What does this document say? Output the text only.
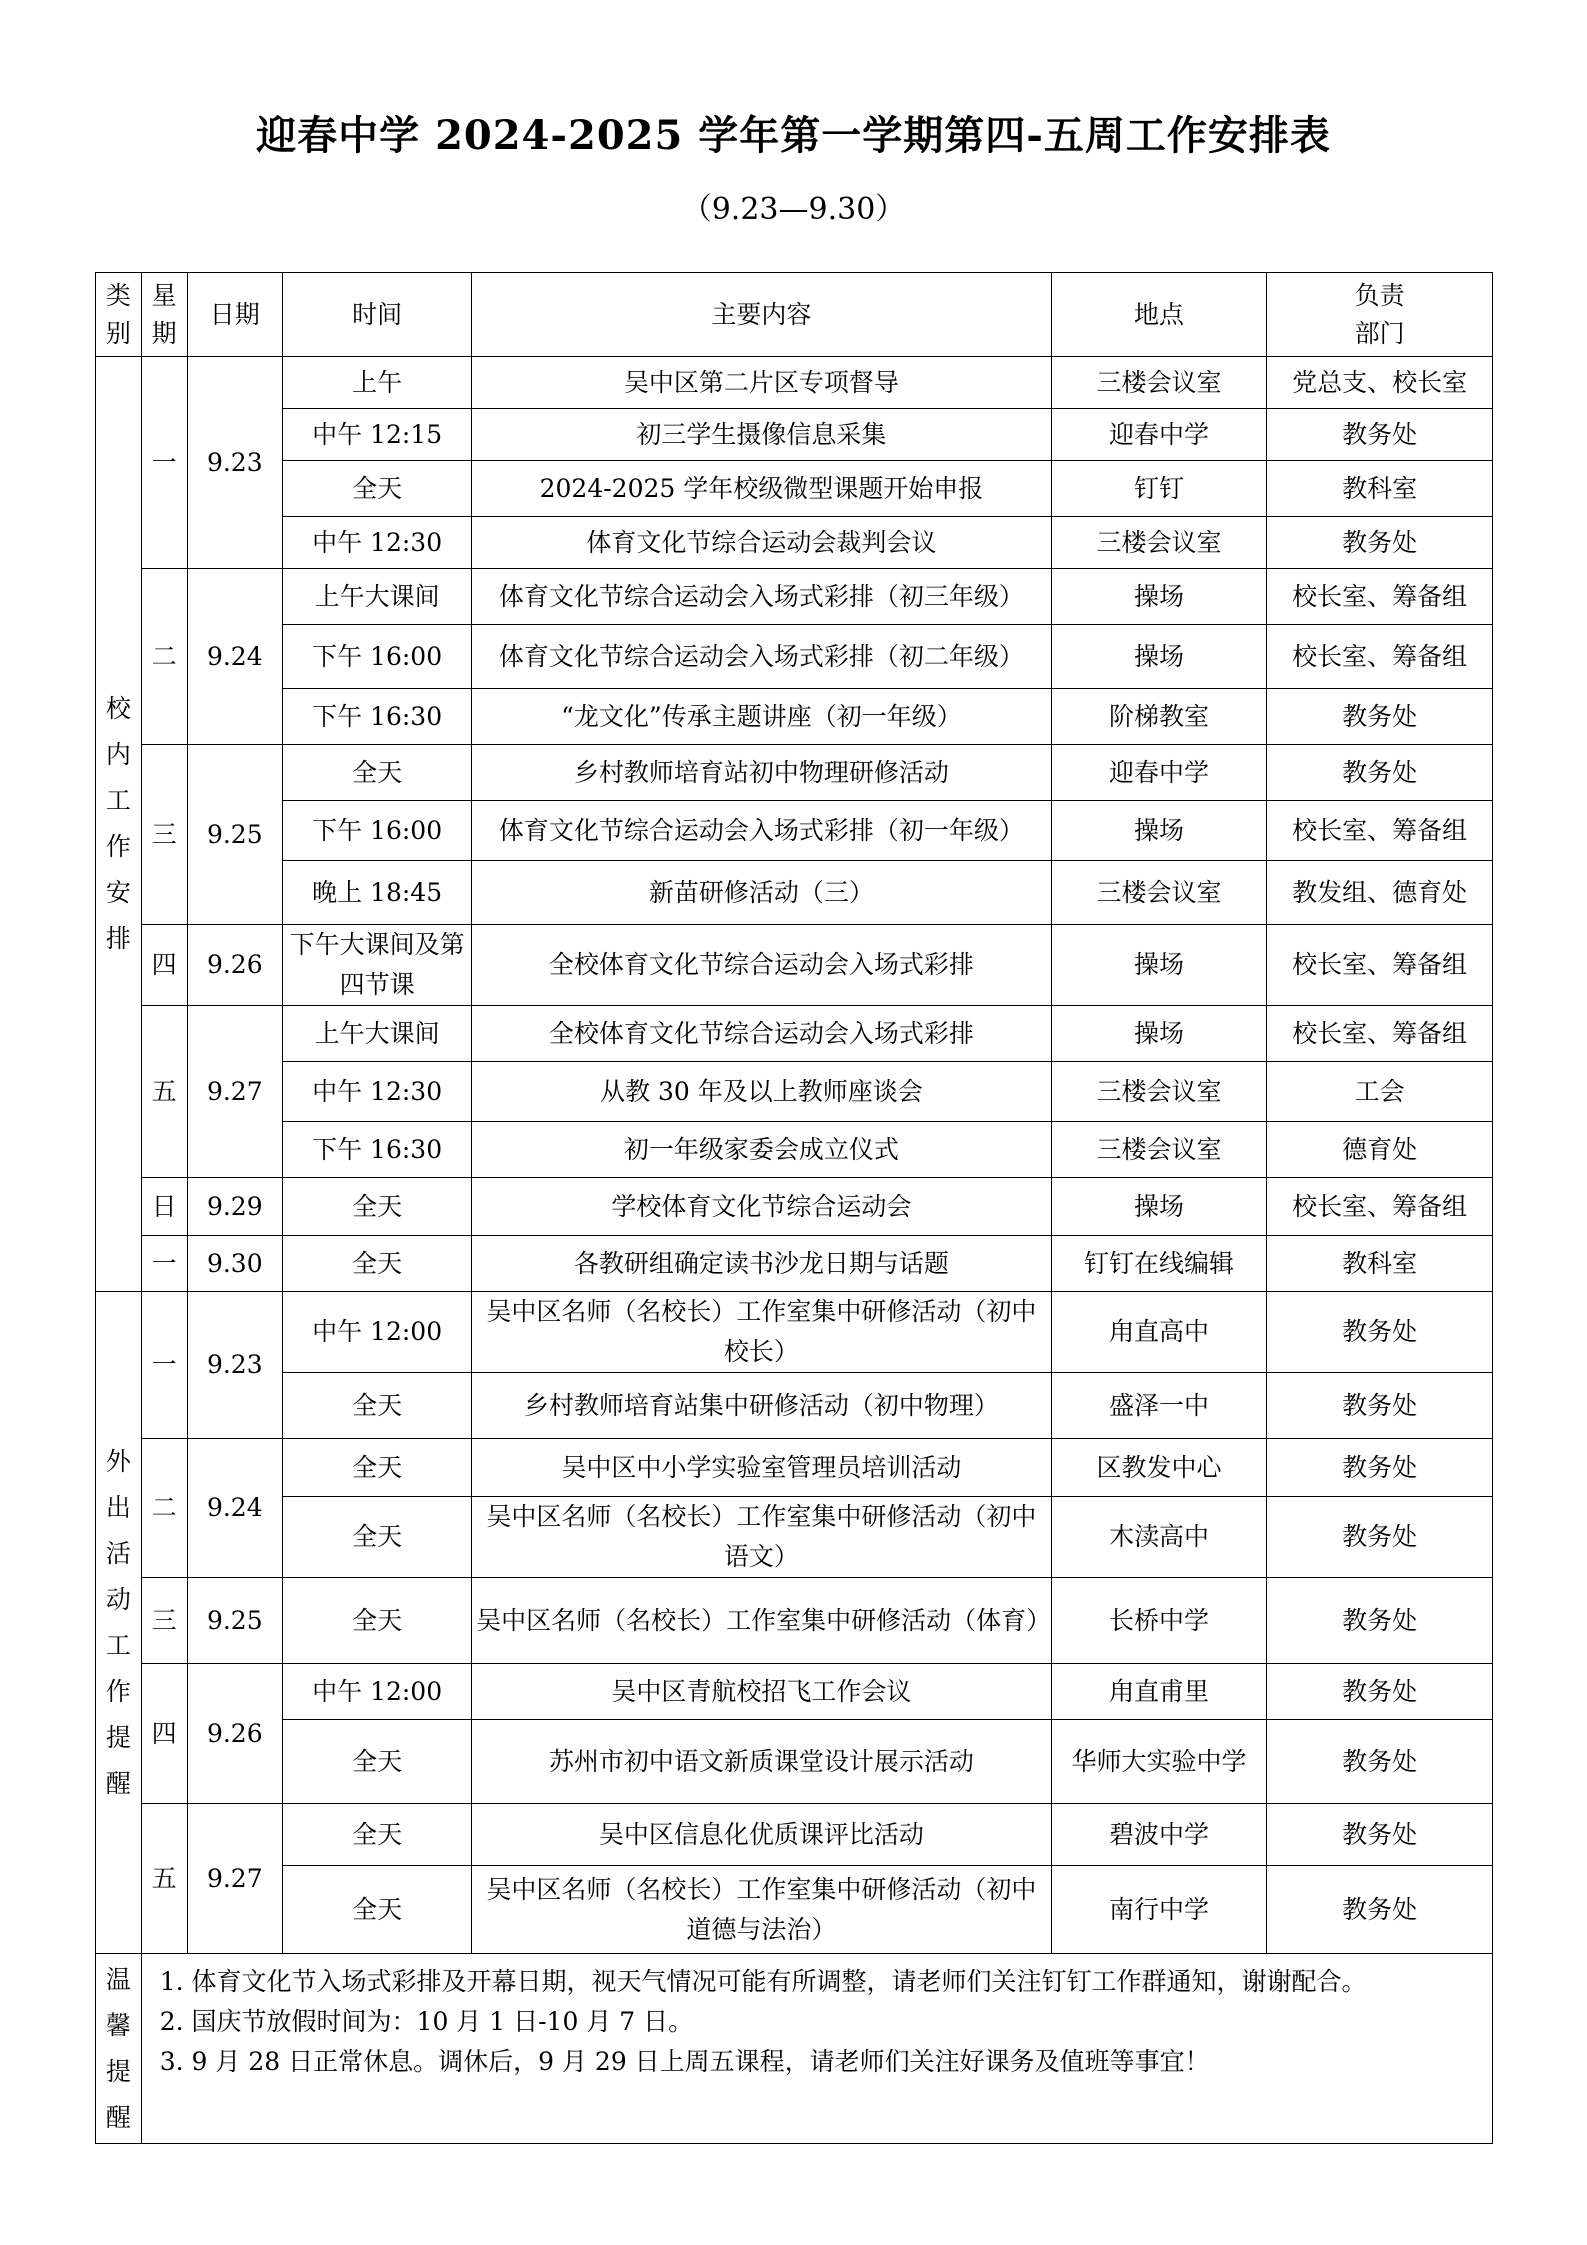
迎春中学 2024-2025 学年第一学期第四-五周工作安排表
（9.23—9.30）
类别	星期	日期	时间	主要内容	地点	负责部门

校内工作安排	一	9.23	上午	吴中区第二片区专项督导	三楼会议室	党总支、校长室
			中午 12:15	初三学生摄像信息采集	迎春中学	教务处
			全天	2024-2025 学年校级微型课题开始申报	钉钉	教科室
			中午 12:30	体育文化节综合运动会裁判会议	三楼会议室	教务处
	二	9.24	上午大课间	体育文化节综合运动会入场式彩排（初三年级）	操场	校长室、筹备组
			下午 16:00	体育文化节综合运动会入场式彩排（初二年级）	操场	校长室、筹备组
			下午 16:30	“龙文化”传承主题讲座（初一年级）	阶梯教室	教务处
	三	9.25	全天	乡村教师培育站初中物理研修活动	迎春中学	教务处
			下午 16:00	体育文化节综合运动会入场式彩排（初一年级）	操场	校长室、筹备组
			晚上 18:45	新苗研修活动（三）	三楼会议室	教发组、德育处
	四	9.26	下午大课间及第四节课	全校体育文化节综合运动会入场式彩排	操场	校长室、筹备组
	五	9.27	上午大课间	全校体育文化节综合运动会入场式彩排	操场	校长室、筹备组
			中午 12:30	从教 30 年及以上教师座谈会	三楼会议室	工会
			下午 16:30	初一年级家委会成立仪式	三楼会议室	德育处
	日	9.29	全天	学校体育文化节综合运动会	操场	校长室、筹备组
	一	9.30	全天	各教研组确定读书沙龙日期与话题	钉钉在线编辑	教科室

外出活动工作提醒	一	9.23	中午 12:00	吴中区名师（名校长）工作室集中研修活动（初中校长）	甪直高中	教务处
			全天	乡村教师培育站集中研修活动（初中物理）	盛泽一中	教务处
	二	9.24	全天	吴中区中小学实验室管理员培训活动	区教发中心	教务处
			全天	吴中区名师（名校长）工作室集中研修活动（初中语文）	木渎高中	教务处
	三	9.25	全天	吴中区名师（名校长）工作室集中研修活动（体育）	长桥中学	教务处
	四	9.26	中午 12:00	吴中区青航校招飞工作会议	甪直甫里	教务处
			全天	苏州市初中语文新质课堂设计展示活动	华师大实验中学	教务处
	五	9.27	全天	吴中区信息化优质课评比活动	碧波中学	教务处
			全天	吴中区名师（名校长）工作室集中研修活动（初中道德与法治）	南行中学	教务处

温馨提醒	1. 体育文化节入场式彩排及开幕日期，视天气情况可能有所调整，请老师们关注钉钉工作群通知，谢谢配合。
2. 国庆节放假时间为：10 月 1 日-10 月 7 日。
3. 9 月 28 日正常休息。调休后，9 月 29 日上周五课程，请老师们关注好课务及值班等事宜！					
